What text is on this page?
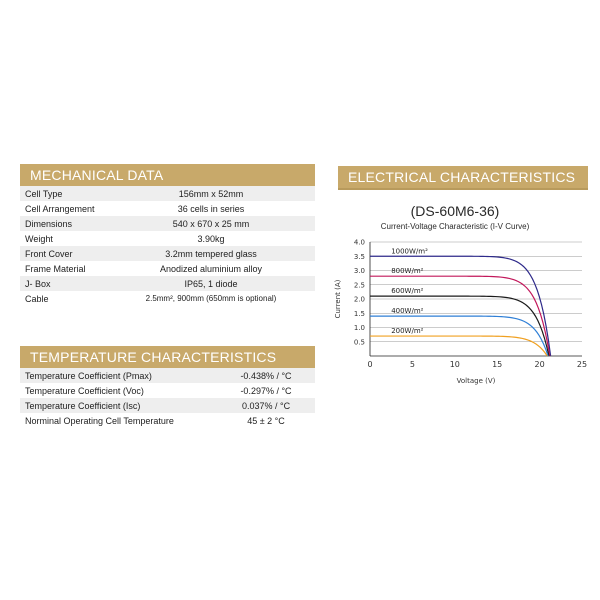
MECHANICAL DATA
Cell Type	156mm x 52mm
Cell Arrangement	36 cells in series
Dimensions	540 x 670 x 25 mm
Weight	3.90kg
Front Cover	3.2mm tempered glass
Frame Material	Anodized aluminium alloy
J- Box	IP65, 1 diode
Cable	2.5mm², 900mm (650mm is optional)
TEMPERATURE CHARACTERISTICS
Temperature Coefficient (Pmax)	-0.438% / °C
Temperature Coefficient (Voc)	-0.297% / °C
Temperature Coefficient (Isc)	0.037% / °C
Norminal Operating Cell Temperature	45 ± 2 °C
ELECTRICAL CHARACTERISTICS
(DS-60M6-36)
Current-Voltage Characteristic (I-V Curve)
0.5
1.0
1.5
2.0
2.5
3.0
3.5
4.0
0	5	10	15	20	25
Voltage (V)
Current (A)
1000W/m²
800W/m²
600W/m²
400W/m²
200W/m²
